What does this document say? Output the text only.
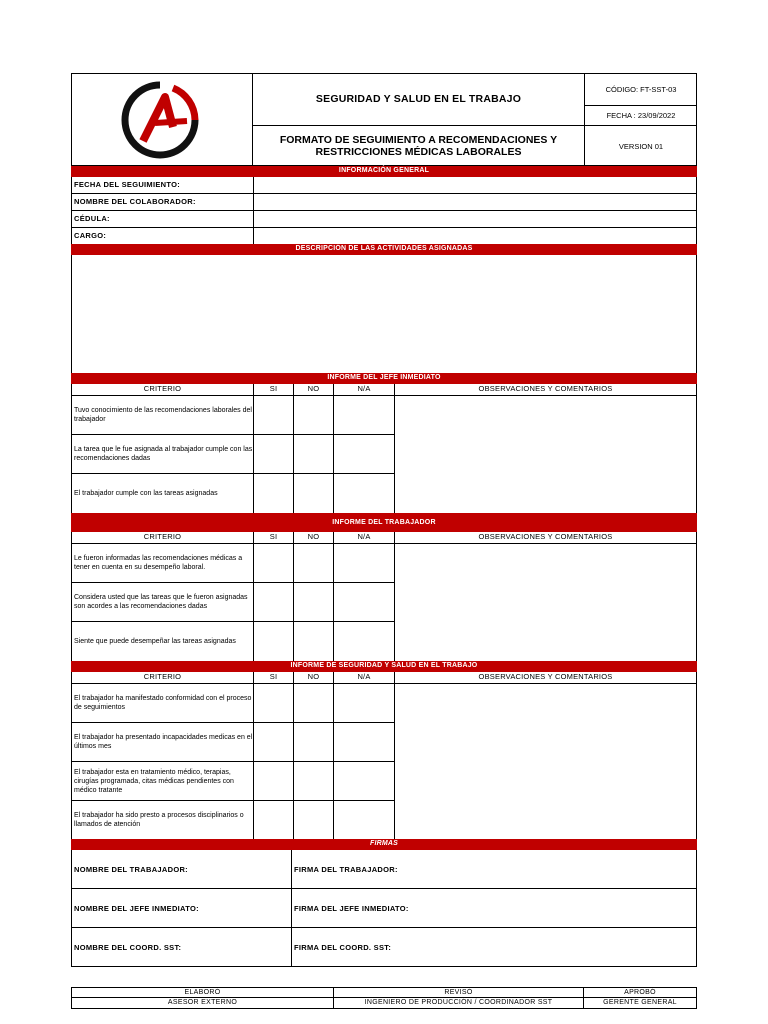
SEGURIDAD Y SALUD EN EL TRABAJO
FORMATO DE SEGUIMIENTO A RECOMENDACIONES Y RESTRICCIONES MÉDICAS LABORALES
CÓDIGO: FT-SST-03
FECHA : 23/09/2022
VERSION 01
INFORMACIÓN GENERAL
FECHA DEL SEGUIMIENTO:
NOMBRE DEL COLABORADOR:
CÉDULA:
CARGO:
DESCRIPCIÓN DE LAS ACTIVIDADES ASIGNADAS
INFORME DEL JEFE INMEDIATO
CRITERIO	SI	NO	N/A	OBSERVACIONES Y COMENTARIOS
Tuvo conocimiento de las recomendaciones laborales del trabajador
La tarea que le fue asignada al trabajador cumple con las recomendaciones dadas
El trabajador cumple con las tareas asignadas
INFORME DEL TRABAJADOR
CRITERIO	SI	NO	N/A	OBSERVACIONES Y COMENTARIOS
Le fueron informadas las recomendaciones médicas a tener en cuenta en su desempeño laboral.
Considera usted que las tareas que le fueron asignadas son acordes a las recomendaciones dadas
Siente que puede desempeñar las tareas asignadas
INFORME DE SEGURIDAD Y SALUD EN EL TRABAJO
CRITERIO	SI	NO	N/A	OBSERVACIONES Y COMENTARIOS
El trabajador ha manifestado conformidad con el proceso de seguimientos
El trabajador ha presentado incapacidades medicas en el últimos mes
El trabajador esta en tratamiento médico, terapias, cirugías programada, citas médicas pendientes con médico tratante
El trabajador ha sido presto a procesos disciplinarios o llamados de atención
FIRMAS
NOMBRE DEL TRABAJADOR:	FIRMA DEL TRABAJADOR:
NOMBRE DEL JEFE INMEDIATO:	FIRMA DEL JEFE INMEDIATO:
NOMBRE DEL COORD. SST:	FIRMA DEL COORD. SST:
ELABORÓ	REVISÓ	APROBÓ
ASESOR EXTERNO	INGENIERO DE PRODUCCIÓN / COORDINADOR SST	GERENTE GENERAL
